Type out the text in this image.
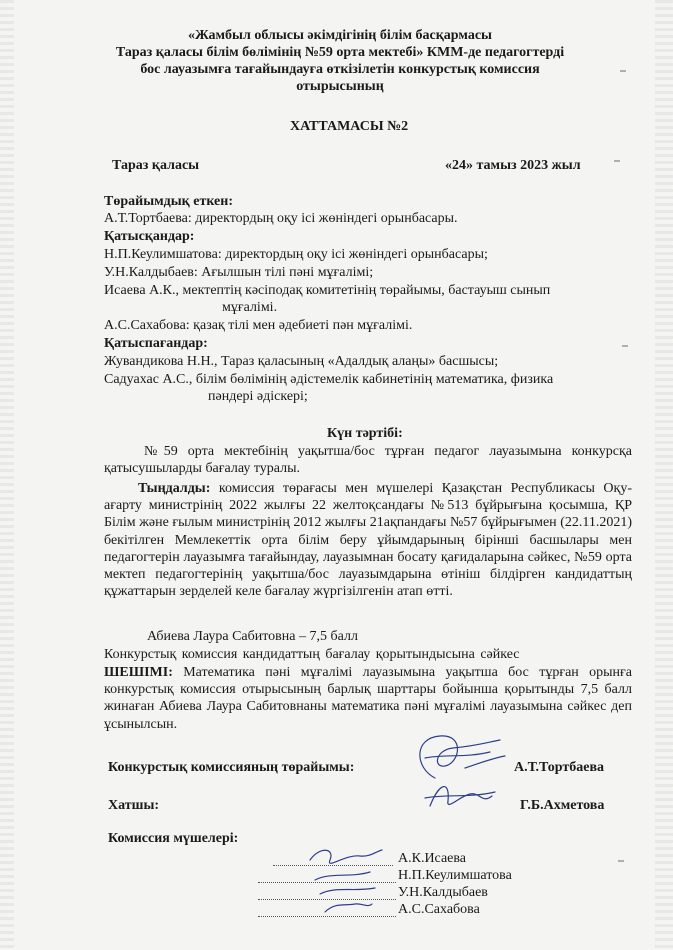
«Жамбыл облысы әкімдігінің білім басқармасы
Тараз қаласы білім бөлімінің №59 орта мектебі» КММ-де педагогтерді
бос лауазымға тағайындауға өткізілетін конкурстық комиссия
отырысының
ХАТТАМАСЫ №2
Тараз қаласы	«24» тамыз 2023 жыл
Төрайымдық еткен:
А.Т.Тортбаева: директордың оқу ісі жөніндегі орынбасары.
Қатысқандар:
Н.П.Кеулимшатова: директордың оқу ісі жөніндегі орынбасары;
У.Н.Калдыбаев: Ағылшын тілі пәні мұғалімі;
Исаева А.К., мектептің кәсіподақ комитетінің төрайымы, бастауыш сынып
мұғалімі.
А.С.Сахабова: қазақ тілі мен әдебиеті пән мұғалімі.
Қатыспағандар:
Жувандикова Н.Н., Тараз қаласының «Адалдық алаңы» басшысы;
Садуахас А.С., білім бөлімінің әдістемелік кабинетінің математика, физика
пәндері әдіскері;
Күн тәртібі:
№59 орта мектебінің уақытша/бос тұрған педагог лауазымына конкурсқа қатысушыларды бағалау туралы.
Тыңдалды: комиссия төрағасы мен мүшелері Қазақстан Республикасы Оқу-ағарту министрінің 2022 жылғы 22 желтоқсандағы №513 бұйрығына қосымша, ҚР Білім және ғылым министрінің 2012 жылғы 21ақпандағы №57 бұйрығымен (22.11.2021) бекітілген Мемлекеттік орта білім беру ұйымдарының бірінші басшылары мен педагогтерін лауазымға тағайындау, лауазымнан босату қағидаларына сәйкес, №59 орта мектеп педагогтерінің уақытша/бос лауазымдарына өтініш білдірген кандидаттың құжаттарын зерделей келе бағалау жүргізілгенін атап өтті.
Абиева Лаура Сабитовна – 7,5 балл
Конкурстық комиссия кандидаттың бағалау қорытындысына сәйкес
ШЕШІМІ: Математика пәні мұғалімі лауазымына уақытша бос тұрған орынға конкурстық комиссия отырысының барлық шарттары бойынша қорытынды 7,5 балл жинаған Абиева Лаура Сабитовнаны математика пәні мұғалімі лауазымына сәйкес деп ұсынылсын.
Конкурстық комиссияның төрайымы:	А.Т.Тортбаева
Хатшы:	Г.Б.Ахметова
Комиссия мүшелері:
А.К.Исаева
Н.П.Кеулимшатова
У.Н.Калдыбаев
А.С.Сахабова
